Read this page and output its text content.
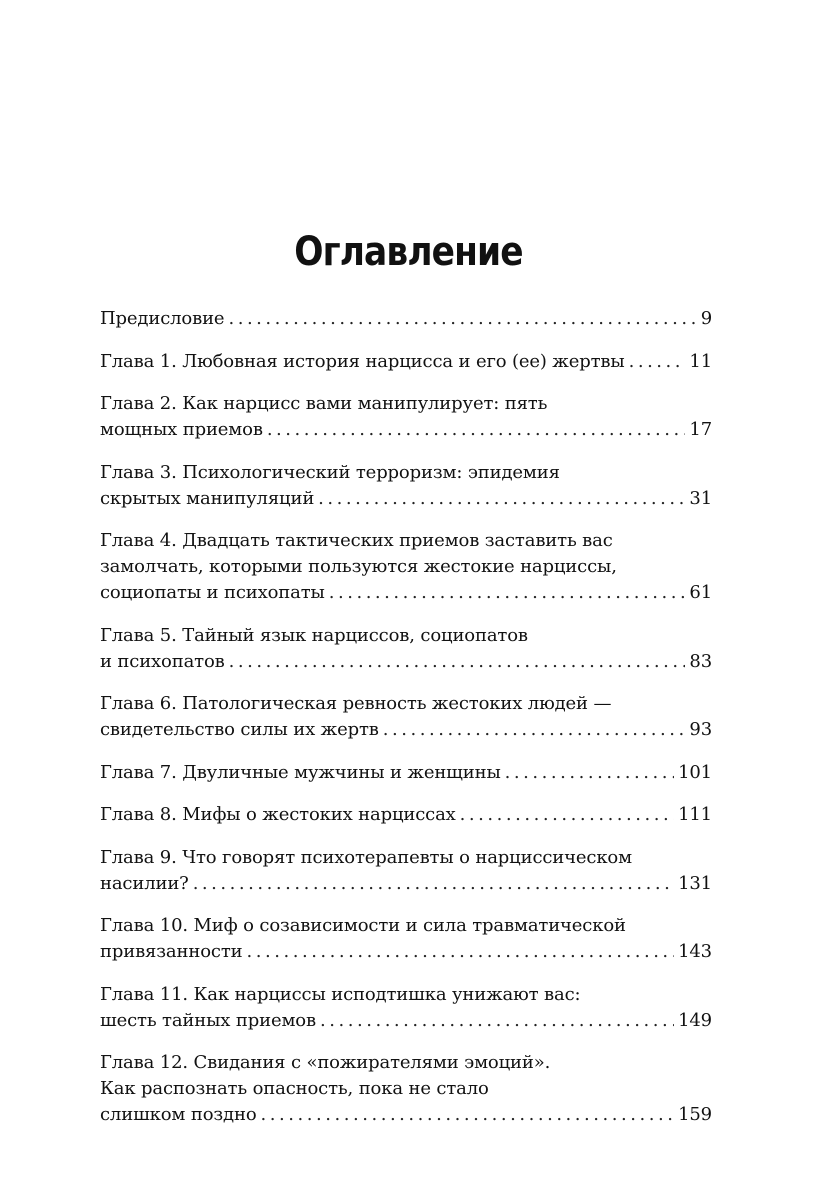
Оглавление
Предисловие . . .	9
Глава 1. Любовная история нарцисса и его (ее) жертвы . . .	11
Глава 2. Как нарцисс вами манипулирует: пять
мощных приемов . . .	17
Глава 3. Психологический терроризм: эпидемия
скрытых манипуляций . . .	31
Глава 4. Двадцать тактических приемов заставить вас
замолчать, которыми пользуются жестокие нарциссы,
социопаты и психопаты . . .	61
Глава 5. Тайный язык нарциссов, социопатов
и психопатов . . .	83
Глава 6. Патологическая ревность жестоких людей —
свидетельство силы их жертв . . .	93
Глава 7. Двуличные мужчины и женщины . . .	101
Глава 8. Мифы о жестоких нарциссах . . .	111
Глава 9. Что говорят психотерапевты о нарциссическом
насилии? . . .	131
Глава 10. Миф о созависимости и сила травматической
привязанности . . .	143
Глава 11. Как нарциссы исподтишка унижают вас:
шесть тайных приемов . . .	149
Глава 12. Свидания с «пожирателями эмоций».
Как распознать опасность, пока не стало
слишком поздно . . .	159
